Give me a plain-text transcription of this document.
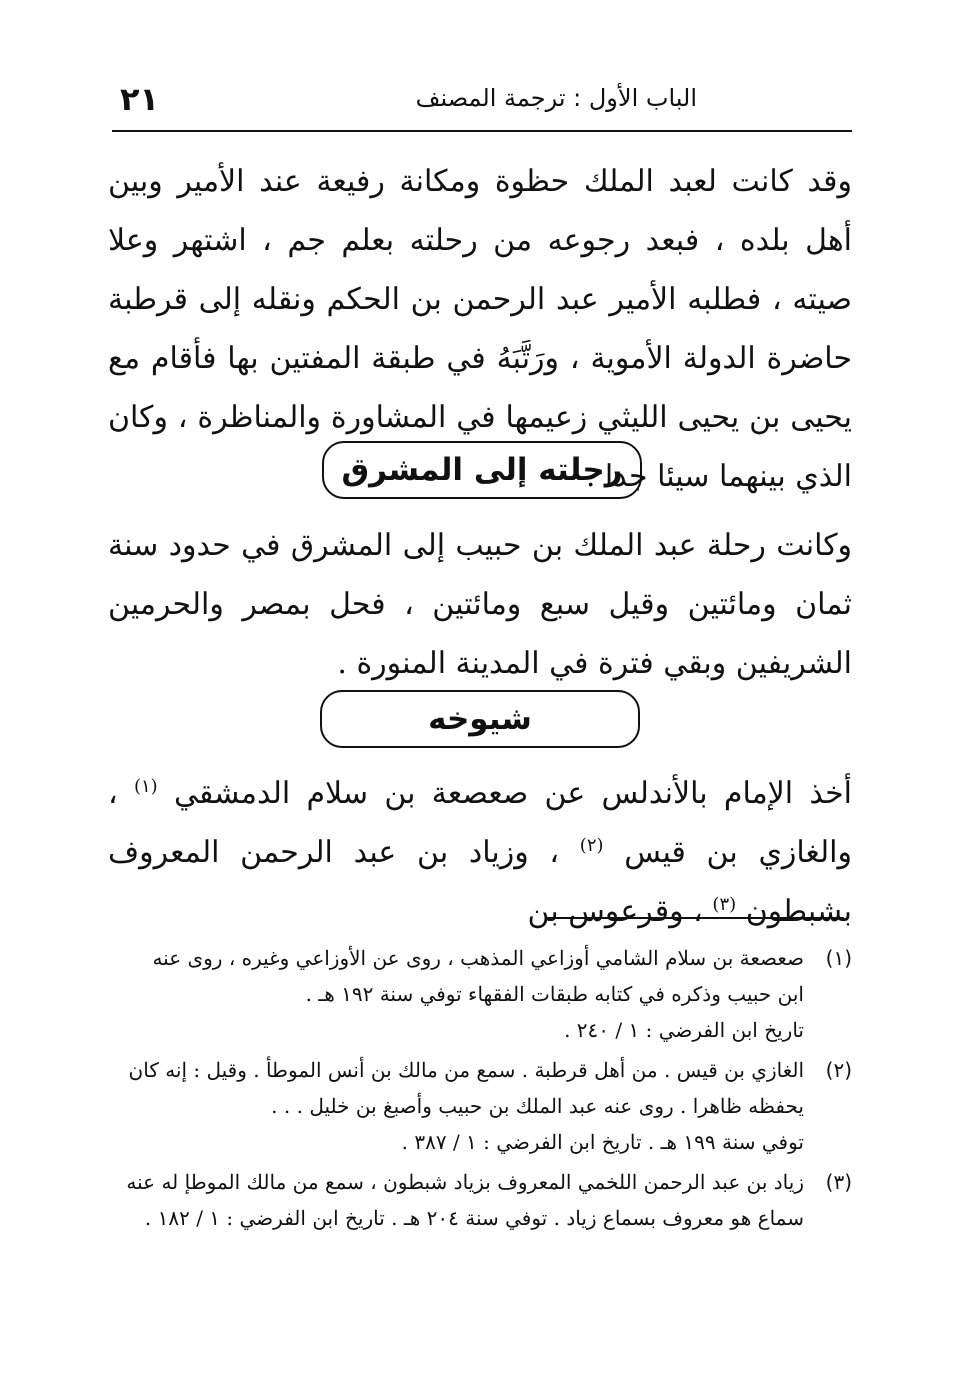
الباب الأول : ترجمة المصنف
٢١
وقد كانت لعبد الملك حظوة ومكانة رفيعة عند الأمير وبين أهل بلده ، فبعد رجوعه من رحلته بعلم جم ، اشتهر وعلا صيته ، فطلبه الأمير عبد الرحمن بن الحكم ونقله إلى قرطبة حاضرة الدولة الأموية ، ورَتَّبَهُ في طبقة المفتين بها فأقام مع يحيى بن يحيى الليثي زعيمها في المشاورة والمناظرة ، وكان الذي بينهما سيئا جدا .
رحلته إلى المشرق
وكانت رحلة عبد الملك بن حبيب إلى المشرق في حدود سنة ثمان ومائتين وقيل سبع ومائتين ، فحل بمصر والحرمين الشريفين وبقي فترة في المدينة المنورة .
شيوخه
أخذ الإمام بالأندلس عن صعصعة بن سلام الدمشقي $^{(١)}$ ، والغازي بن قيس $^{(٢)}$ ، وزياد بن عبد الرحمن المعروف بشبطون $^{(٣)}$ ، وقرعوس بن
(١)
صعصعة بن سلام الشامي أوزاعي المذهب ، روى عن الأوزاعي وغيره ، روى عنه
ابن حبيب وذكره في كتابه طبقات الفقهاء توفي سنة ١٩٢ هـ .
تاريخ ابن الفرضي : ١ / ٢٤٠ .
(٢)
الغازي بن قيس . من أهل قرطبة . سمع من مالك بن أنس الموطأ . وقيل : إنه كان
يحفظه ظاهرا . روى عنه عبد الملك بن حبيب وأصبغ بن خليل . . .
توفي سنة ١٩٩ هـ . تاريخ ابن الفرضي : ١ / ٣٨٧ .
(٣)
زياد بن عبد الرحمن اللخمي المعروف بزياد شبطون ، سمع من مالك الموطإ له عنه
سماع هو معروف بسماع زياد . توفي سنة ٢٠٤ هـ . تاريخ ابن الفرضي : ١ / ١٨٢ .
